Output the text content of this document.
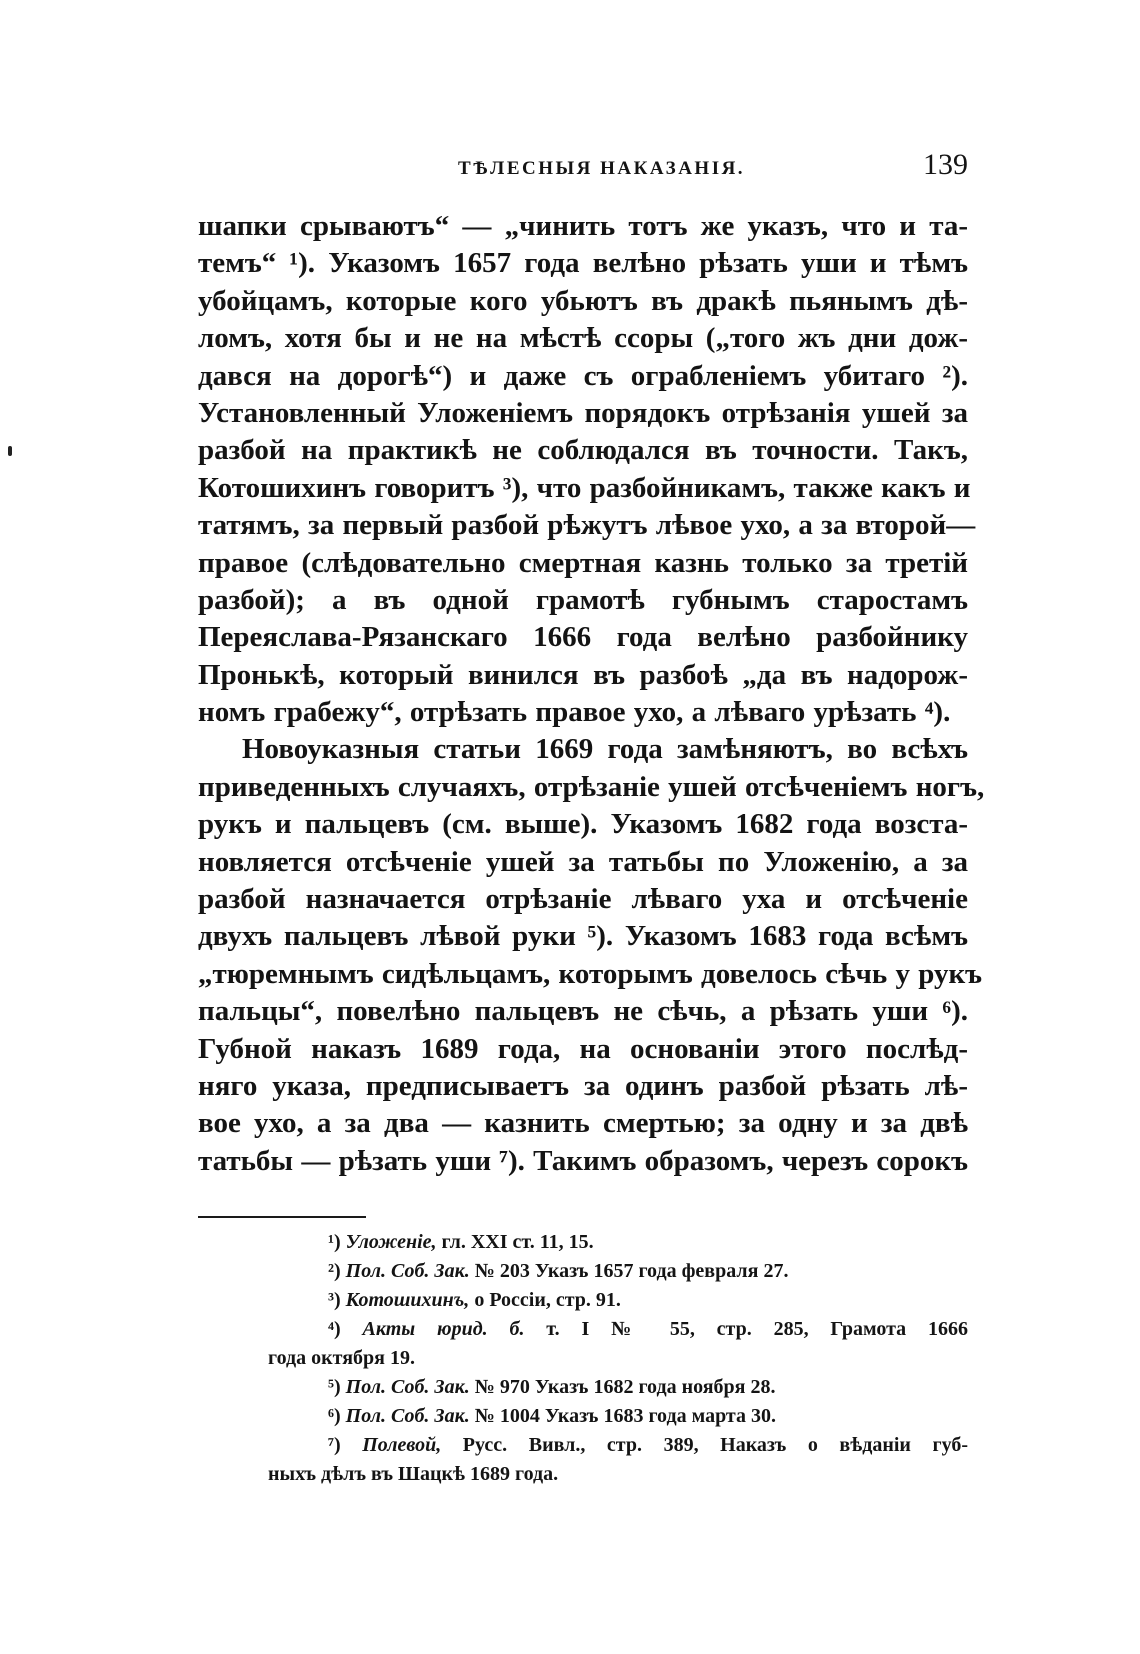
ТѢЛЕСНЫЯ НАКАЗАНІЯ.	139
шапки срываютъ“ — „чинить тотъ же указъ, что и та-
темъ“ ¹). Указомъ 1657 года велѣно рѣзать уши и тѣмъ
убойцамъ, которые кого убьютъ въ дракѣ пьянымъ дѣ-
ломъ, хотя бы и не на мѣстѣ ссоры („того жъ дни дож-
дався на дорогѣ“) и даже съ ограбленіемъ убитаго ²).
Установленный Уложеніемъ порядокъ отрѣзанія ушей за
разбой на практикѣ не соблюдался въ точности. Такъ,
Котошихинъ говоритъ ³), что разбойникамъ, также какъ и
татямъ, за первый разбой рѣжутъ лѣвое ухо, а за второй—
правое (слѣдовательно смертная казнь только за третій
разбой); а въ одной грамотѣ губнымъ старостамъ
Переяслава-Рязанскаго 1666 года велѣно разбойнику
Пронькѣ, который винился въ разбоѣ „да въ надорож-
номъ грабежу“, отрѣзать правое ухо, а лѣваго урѣзать ⁴).
Новоуказныя статьи 1669 года замѣняютъ, во всѣхъ
приведенныхъ случаяхъ, отрѣзаніе ушей отсѣченіемъ ногъ,
рукъ и пальцевъ (см. выше). Указомъ 1682 года возста-
новляется отсѣченіе ушей за татьбы по Уложенію, а за
разбой назначается отрѣзаніе лѣваго уха и отсѣченіе
двухъ пальцевъ лѣвой руки ⁵). Указомъ 1683 года всѣмъ
„тюремнымъ сидѣльцамъ, которымъ довелось сѣчь у рукъ
пальцы“, повелѣно пальцевъ не сѣчь, а рѣзать уши ⁶).
Губной наказъ 1689 года, на основаніи этого послѣд-
няго указа, предписываетъ за одинъ разбой рѣзать лѣ-
вое ухо, а за два — казнить смертью; за одну и за двѣ
татьбы — рѣзать уши ⁷). Такимъ образомъ, черезъ сорокъ
¹) Уложеніе, гл. XXI ст. 11, 15.
²) Пол. Соб. Зак. № 203 Указъ 1657 года февраля 27.
³) Котошихинъ, о Россіи, стр. 91.
⁴) Акты юрид. б. т. I № 55, стр. 285, Грамота 1666
года октября 19.
⁵) Пол. Соб. Зак. № 970 Указъ 1682 года ноября 28.
⁶) Пол. Соб. Зак. № 1004 Указъ 1683 года марта 30.
⁷) Полевой, Русс. Вивл., стр. 389, Наказъ о вѣданіи губ-
ныхъ дѣлъ въ Шацкѣ 1689 года.
